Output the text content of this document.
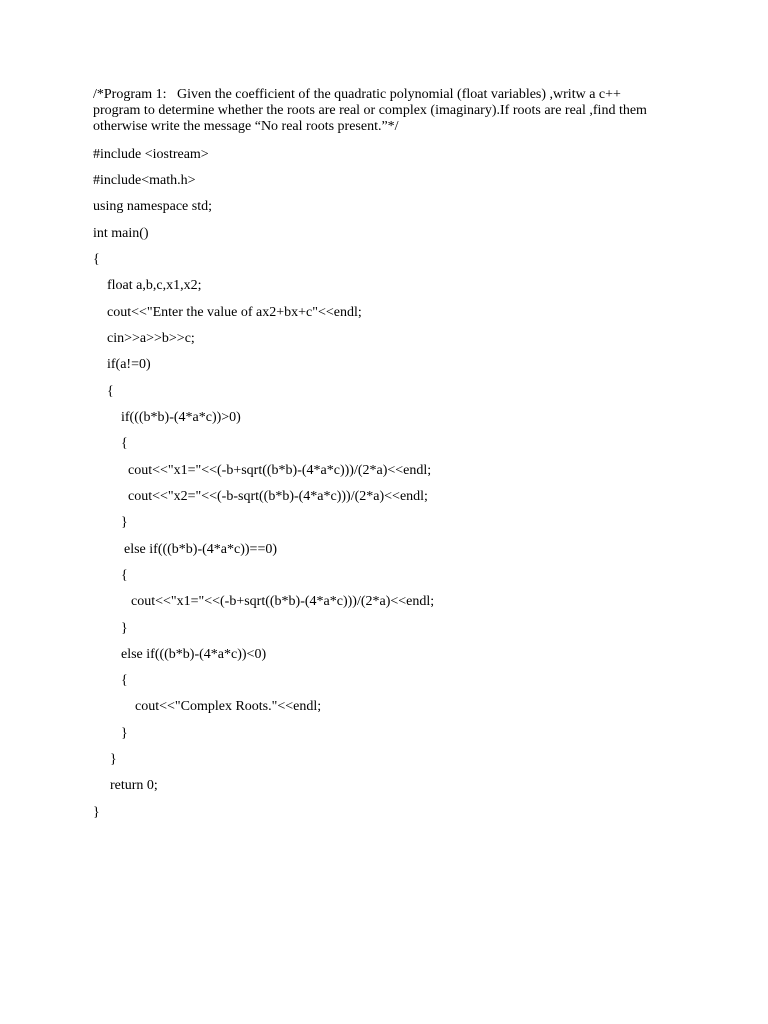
/*Program 1:   Given the coefficient of the quadratic polynomial (float variables) ,writw a c++
program to determine whether the roots are real or complex (imaginary).If roots are real ,find them
otherwise write the message “No real roots present.”*/

#include <iostream>

#include<math.h>

using namespace std;

int main()

{

float a,b,c,x1,x2;

cout<<"Enter the value of ax2+bx+c"<<endl;

cin>>a>>b>>c;

if(a!=0)

{

if(((b*b)-(4*a*c))>0)

{

cout<<"x1="<<(-b+sqrt((b*b)-(4*a*c)))/(2*a)<<endl;

cout<<"x2="<<(-b-sqrt((b*b)-(4*a*c)))/(2*a)<<endl;

}

else if(((b*b)-(4*a*c))==0)

{

cout<<"x1="<<(-b+sqrt((b*b)-(4*a*c)))/(2*a)<<endl;

}

else if(((b*b)-(4*a*c))<0)

{

cout<<"Complex Roots."<<endl;

}

}

return 0;

}
